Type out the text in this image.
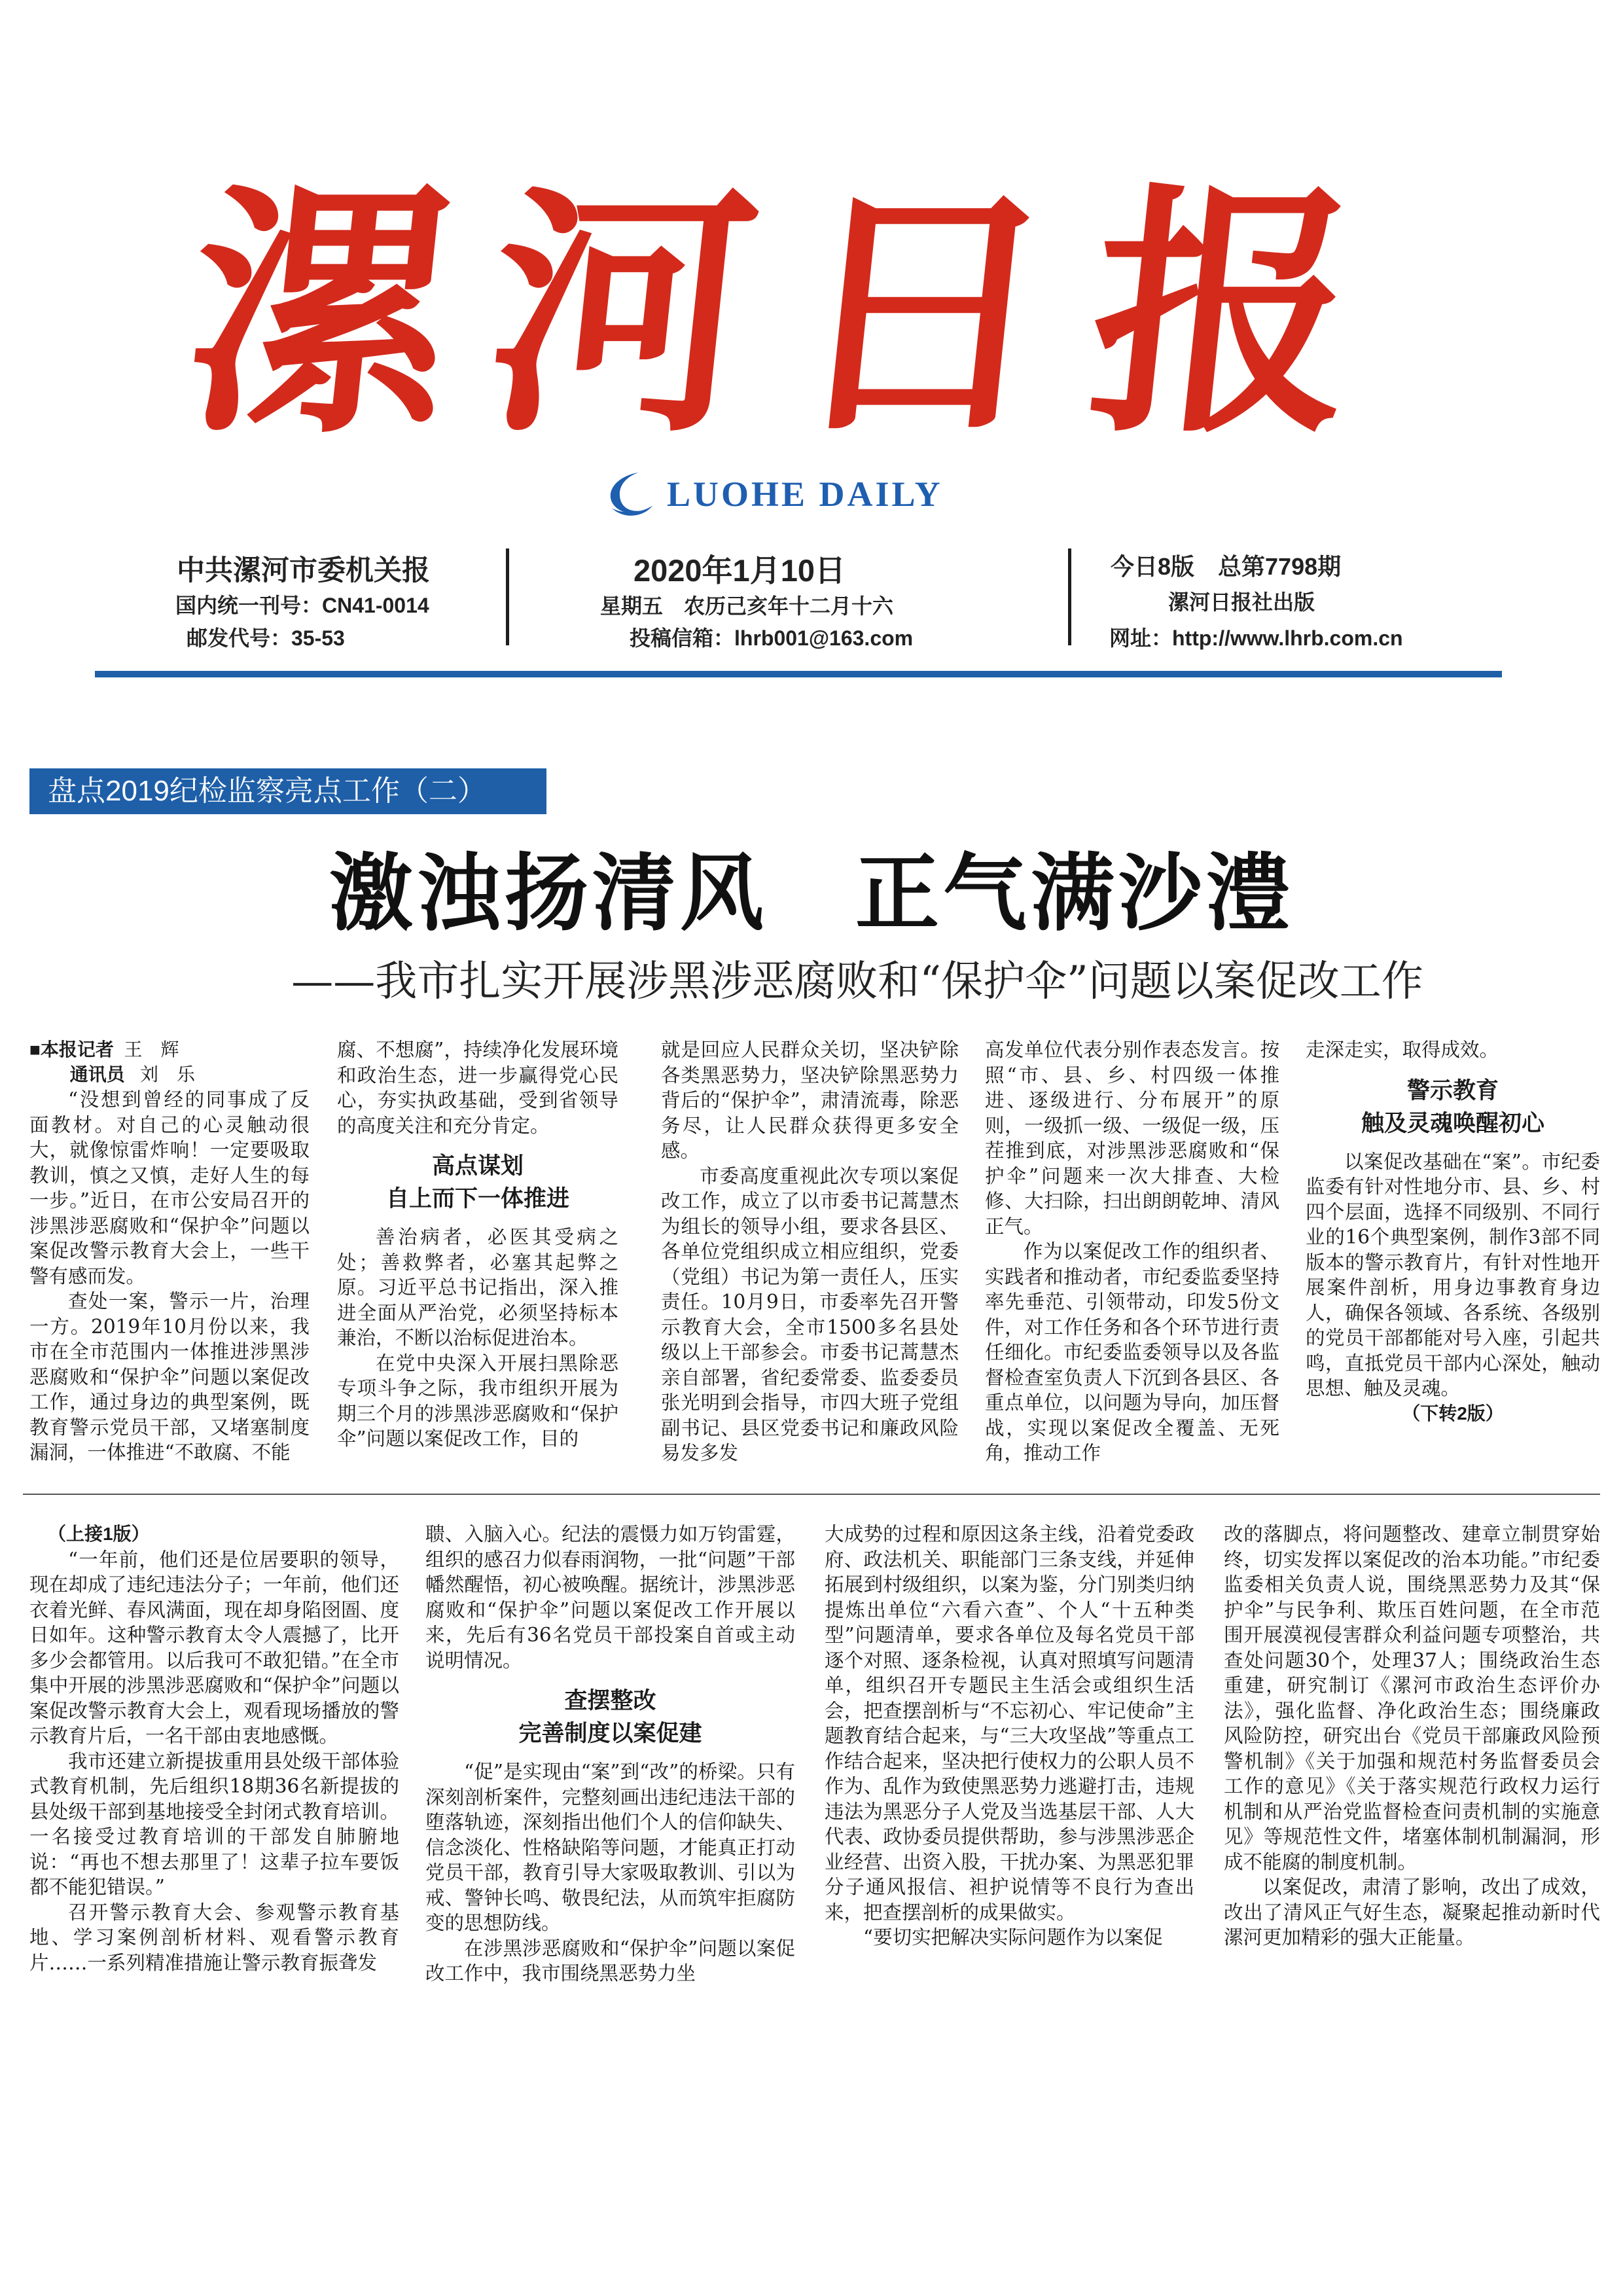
漯河日报
LUOHE DAILY
中共漯河市委机关报
国内统一刊号：CN41-0014
邮发代号：35-53
2020年1月10日
星期五　农历己亥年十二月十六
投稿信箱：lhrb001@163.com
今日8版　总第7798期
漯河日报社出版
网址：http://www.lhrb.com.cn
盘点2019纪检监察亮点工作（二）
激浊扬清风　正气满沙澧
——我市扎实开展涉黑涉恶腐败和“保护伞”问题以案促改工作

■本报记者 王　辉

通讯员 刘　乐

“没想到曾经的同事成了反面教材。对自己的心灵触动很大，就像惊雷炸响！一定要吸取教训，慎之又慎，走好人生的每一步。”近日，在市公安局召开的涉黑涉恶腐败和“保护伞”问题以案促改警示教育大会上，一些干警有感而发。

查处一案，警示一片，治理一方。2019年10月份以来，我市在全市范围内一体推进涉黑涉恶腐败和“保护伞”问题以案促改工作，通过身边的典型案例，既教育警示党员干部，又堵塞制度漏洞，一体推进“不敢腐、不能

腐、不想腐”，持续净化发展环境和政治生态，进一步赢得党心民心，夯实执政基础，受到省领导的高度关注和充分肯定。

高点谋划
自上而下一体推进

善治病者，必医其受病之处；善救弊者，必塞其起弊之原。习近平总书记指出，深入推进全面从严治党，必须坚持标本兼治，不断以治标促进治本。

在党中央深入开展扫黑除恶专项斗争之际，我市组织开展为期三个月的涉黑涉恶腐败和“保护伞”问题以案促改工作，目的

就是回应人民群众关切，坚决铲除各类黑恶势力，坚决铲除黑恶势力背后的“保护伞”，肃清流毒，除恶务尽，让人民群众获得更多安全感。

市委高度重视此次专项以案促改工作，成立了以市委书记蒿慧杰为组长的领导小组，要求各县区、各单位党组织成立相应组织，党委（党组）书记为第一责任人，压实责任。10月9日，市委率先召开警示教育大会，全市1500多名县处级以上干部参会。市委书记蒿慧杰亲自部署，省纪委常委、监委委员张光明到会指导，市四大班子党组副书记、县区党委书记和廉政风险易发多发

高发单位代表分别作表态发言。按照“市、县、乡、村四级一体推进、逐级进行、分布展开”的原则，一级抓一级、一级促一级，压茬推到底，对涉黑涉恶腐败和“保护伞”问题来一次大排查、大检修、大扫除，扫出朗朗乾坤、清风正气。

作为以案促改工作的组织者、实践者和推动者，市纪委监委坚持率先垂范、引领带动，印发5份文件，对工作任务和各个环节进行责任细化。市纪委监委领导以及各监督检查室负责人下沉到各县区、各重点单位，以问题为导向，加压督战，实现以案促改全覆盖、无死角，推动工作

走深走实，取得成效。

警示教育
触及灵魂唤醒初心

以案促改基础在“案”。市纪委监委有针对性地分市、县、乡、村四个层面，选择不同级别、不同行业的16个典型案例，制作3部不同版本的警示教育片，有针对性地开展案件剖析，用身边事教育身边人，确保各领域、各系统、各级别的党员干部都能对号入座，引起共鸣，直抵党员干部内心深处，触动思想、触及灵魂。

（下转2版）

（上接1版）

“一年前，他们还是位居要职的领导，现在却成了违纪违法分子；一年前，他们还衣着光鲜、春风满面，现在却身陷囹圄、度日如年。这种警示教育太令人震撼了，比开多少会都管用。以后我可不敢犯错。”在全市集中开展的涉黑涉恶腐败和“保护伞”问题以案促改警示教育大会上，观看现场播放的警示教育片后，一名干部由衷地感慨。

我市还建立新提拔重用县处级干部体验式教育机制，先后组织18期36名新提拔的县处级干部到基地接受全封闭式教育培训。一名接受过教育培训的干部发自肺腑地说：“再也不想去那里了！这辈子拉车要饭都不能犯错误。”

召开警示教育大会、参观警示教育基地、学习案例剖析材料、观看警示教育片……一系列精准措施让警示教育振聋发

聩、入脑入心。纪法的震慑力如万钧雷霆，组织的感召力似春雨润物，一批“问题”干部幡然醒悟，初心被唤醒。据统计，涉黑涉恶腐败和“保护伞”问题以案促改工作开展以来，先后有36名党员干部投案自首或主动说明情况。

查摆整改
完善制度以案促建

“促”是实现由“案”到“改”的桥梁。只有深刻剖析案件，完整刻画出违纪违法干部的堕落轨迹，深刻指出他们个人的信仰缺失、信念淡化、性格缺陷等问题，才能真正打动党员干部，教育引导大家吸取教训、引以为戒、警钟长鸣、敬畏纪法，从而筑牢拒腐防变的思想防线。

在涉黑涉恶腐败和“保护伞”问题以案促改工作中，我市围绕黑恶势力坐

大成势的过程和原因这条主线，沿着党委政府、政法机关、职能部门三条支线，并延伸拓展到村级组织，以案为鉴，分门别类归纳提炼出单位“六看六查”、个人“十五种类型”问题清单，要求各单位及每名党员干部逐个对照、逐条检视，认真对照填写问题清单，组织召开专题民主生活会或组织生活会，把查摆剖析与“不忘初心、牢记使命”主题教育结合起来，与“三大攻坚战”等重点工作结合起来，坚决把行使权力的公职人员不作为、乱作为致使黑恶势力逃避打击，违规违法为黑恶分子人党及当选基层干部、人大代表、政协委员提供帮助，参与涉黑涉恶企业经营、出资入股，干扰办案、为黑恶犯罪分子通风报信、袒护说情等不良行为查出来，把查摆剖析的成果做实。

“要切实把解决实际问题作为以案促

改的落脚点，将问题整改、建章立制贯穿始终，切实发挥以案促改的治本功能。”市纪委监委相关负责人说，围绕黑恶势力及其“保护伞”与民争利、欺压百姓问题，在全市范围开展漠视侵害群众利益问题专项整治，共查处问题30个，处理37人；围绕政治生态重建，研究制订《漯河市政治生态评价办法》，强化监督、净化政治生态；围绕廉政风险防控，研究出台《党员干部廉政风险预警机制》《关于加强和规范村务监督委员会工作的意见》《关于落实规范行政权力运行机制和从严治党监督检查问责机制的实施意见》等规范性文件，堵塞体制机制漏洞，形成不能腐的制度机制。

以案促改，肃清了影响，改出了成效，改出了清风正气好生态，凝聚起推动新时代漯河更加精彩的强大正能量。
